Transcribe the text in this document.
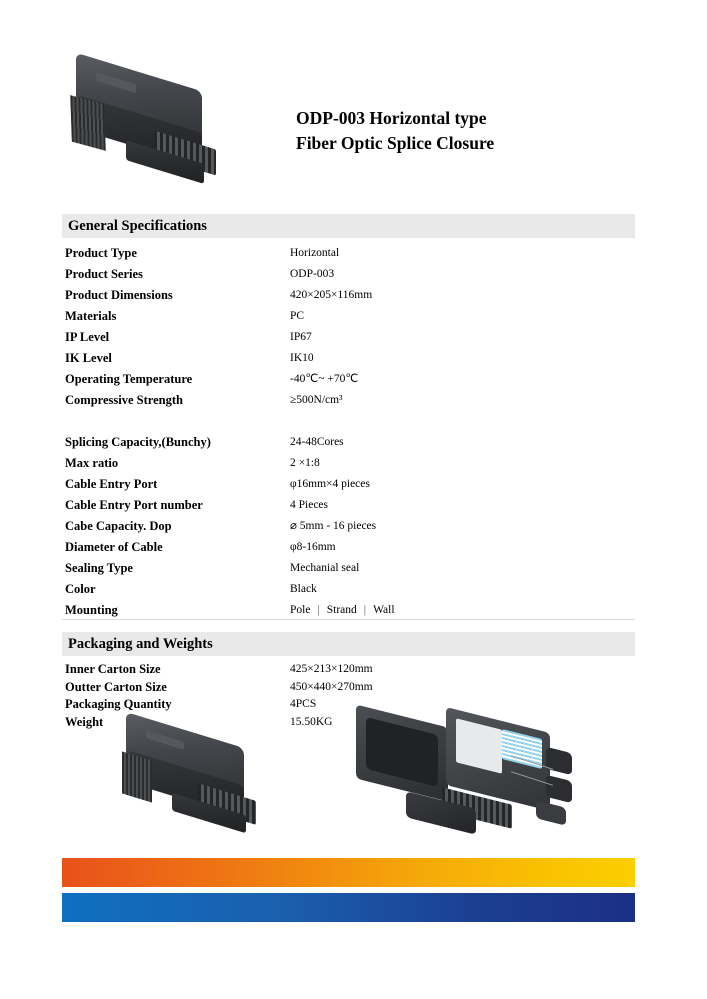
ODP-003 Horizontal type
Fiber Optic Splice Closure
General Specifications
Product Type	Horizontal
Product Series	ODP-003
Product Dimensions	420×205×116mm
Materials	PC
IP Level	IP67
IK Level	IK10
Operating Temperature	-40℃~ +70℃
Compressive Strength	≥500N/cm³
Splicing Capacity,(Bunchy)	24-48Cores
Max ratio	2 ×1:8
Cable Entry Port	φ16mm×4 pieces
Cable Entry Port number	4 Pieces
Cabe Capacity. Dop	⌀ 5mm - 16 pieces
Diameter of Cable	φ8-16mm
Sealing Type	Mechanial seal
Color	Black
Mounting	Pole | Strand | Wall
Packaging and Weights
Inner Carton Size	425×213×120mm
Outter Carton Size	450×440×270mm
Packaging Quantity	4PCS
Weight	15.50KG
